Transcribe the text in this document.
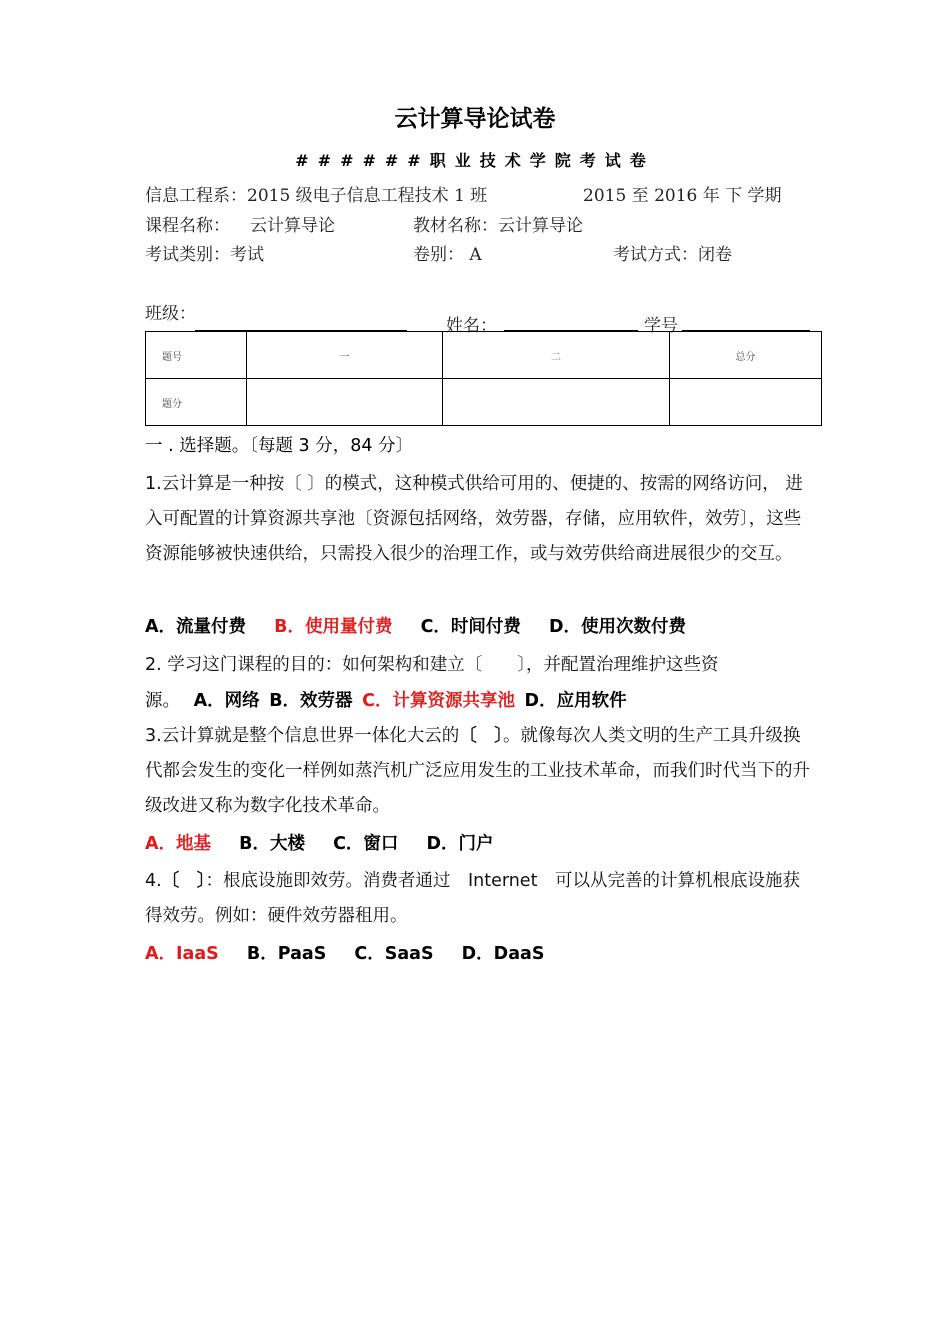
云计算导论试卷
######职业技术学院考试卷
信息工程系：2015 级电子信息工程技术 1 班	2015 至 2016 年 下 学期
课程名称： 云计算导论	教材名称：云计算导论
考试类别：考试	卷别： A	考试方式：闭卷
班级：
姓名：	学号
题号	一	二	总分
题分			
一 . 选择题。〔每题 3 分，84 分〕
1.云计算是一种按〔 〕的模式，这种模式供给可用的、便捷的、按需的网络访问， 进入可配置的计算资源共享池〔资源包括网络，效劳器，存储，应用软件，效劳〕，这些资源能够被快速供给，只需投入很少的治理工作，或与效劳供给商进展很少的交互。
A．流量付费 B．使用量付费 C．时间付费 D．使用次数付费
2. 学习这门课程的目的：如何架构和建立〔　　〕，并配置治理维护这些资
源。 A．网络 B．效劳器 C．计算资源共享池 D．应用软件
3.云计算就是整个信息世界一体化大云的〔　〕。就像每次人类文明的生产工具升级换代都会发生的变化一样例如蒸汽机广泛应用发生的工业技术革命，而我们时代当下的升级改进又称为数字化技术革命。
A．地基 B．大楼 C．窗口 D．门户
4.〔　〕：根底设施即效劳。消费者通过　Internet　可以从完善的计算机根底设施获得效劳。例如：硬件效劳器租用。
A．IaaS B．PaaS C．SaaS D．DaaS
